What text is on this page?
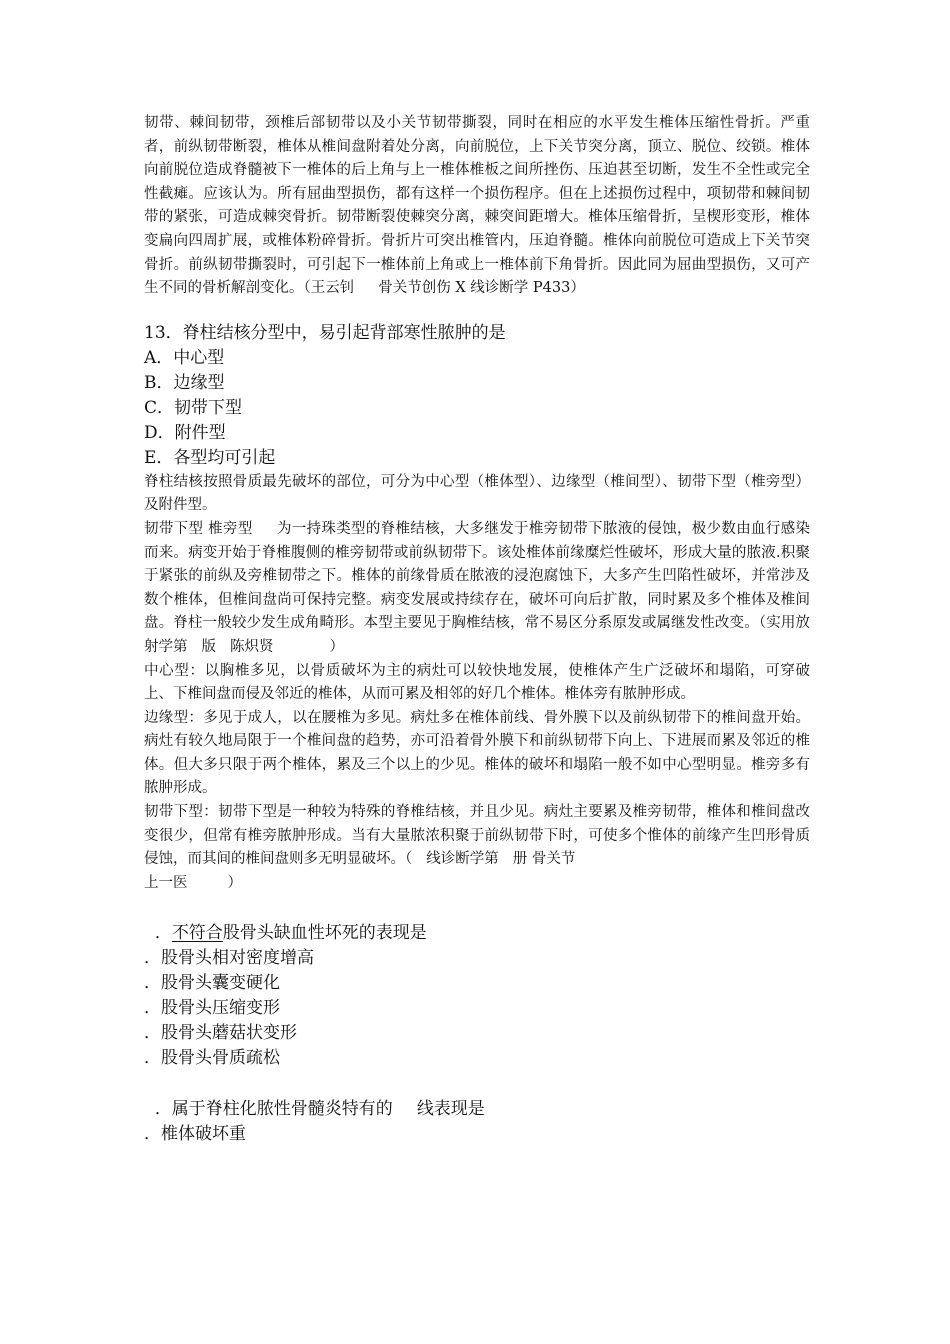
韧带、棘间韧带，颈椎后部韧带以及小关节韧带撕裂，同时在相应的水平发生椎体压缩性骨折。严重者，前纵韧带断裂，椎体从椎间盘附着处分离，向前脱位，上下关节突分离，顶立、脱位、绞锁。椎体向前脱位造成脊髓被下一椎体的后上角与上一椎体椎板之间所挫伤、压迫甚至切断，发生不全性或完全性截瘫。应该认为。所有屈曲型损伤，都有这样一个损伤程序。但在上述损伤过程中，项韧带和棘间韧带的紧张，可造成棘突骨折。韧带断裂使棘突分离，棘突间距增大。椎体压缩骨折，呈楔形变形，椎体变扁向四周扩展，或椎体粉碎骨折。骨折片可突出椎管内，压迫脊髓。椎体向前脱位可造成上下关节突骨折。前纵韧带撕裂时，可引起下一椎体前上角或上一椎体前下角骨折。因此同为屈曲型损伤，又可产生不同的骨析解剖变化。（王云钊 骨关节创伤 X 线诊断学 P433）

13．脊柱结核分型中，易引起背部寒性脓肿的是

A．中心型

B．边缘型

C．韧带下型

D．附件型

E．各型均可引起

脊柱结核按照骨质最先破坏的部位，可分为中心型（椎体型）、边缘型（椎间型）、韧带下型（椎旁型）及附件型。

韧带下型 椎旁型 为一持珠类型的脊椎结核，大多继发于椎旁韧带下脓液的侵蚀，极少数由血行感染而来。病变开始于脊椎腹侧的椎旁韧带或前纵韧带下。该处椎体前缘糜烂性破坏，形成大量的脓液.积聚于紧张的前纵及旁椎韧带之下。椎体的前缘骨质在脓液的浸泡腐蚀下，大多产生凹陷性破坏，并常涉及数个椎体，但椎间盘尚可保持完整。病变发展或持续存在，破坏可向后扩散，同时累及多个椎体及椎间盘。脊柱一般较少发生成角畸形。本型主要见于胸椎结核，常不易区分系原发或属继发性改变。（实用放射学第 版 陈炽贤	）

中心型：以胸椎多见，以骨质破坏为主的病灶可以较快地发展，使椎体产生广泛破坏和塌陷，可穿破上、下椎间盘而侵及邻近的椎体，从而可累及相邻的好几个椎体。椎体旁有脓肿形成。

边缘型：多见于成人，以在腰椎为多见。病灶多在椎体前线、骨外膜下以及前纵韧带下的椎间盘开始。病灶有较久地局限于一个椎间盘的趋势，亦可沿着骨外膜下和前纵韧带下向上、下进展而累及邻近的椎体。但大多只限于两个椎体，累及三个以上的少见。椎体的破坏和塌陷一般不如中心型明显。椎旁多有脓肿形成。

韧带下型：韧带下型是一种较为特殊的脊椎结核，并且少见。病灶主要累及椎旁韧带，椎体和椎间盘改变很少，但常有椎旁脓肿形成。当有大量脓浓积聚于前纵韧带下时，可使多个惟体的前缘产生凹形骨质侵蚀，而其间的椎间盘则多无明显破坏。（ 线诊断学第 册 骨关节
上一医	）

．不符合股骨头缺血性坏死的表现是

．股骨头相对密度增高

．股骨头囊变硬化

．股骨头压缩变形

．股骨头蘑菇状变形

．股骨头骨质疏松

．属于脊柱化脓性骨髓炎特有的 线表现是

．椎体破坏重
